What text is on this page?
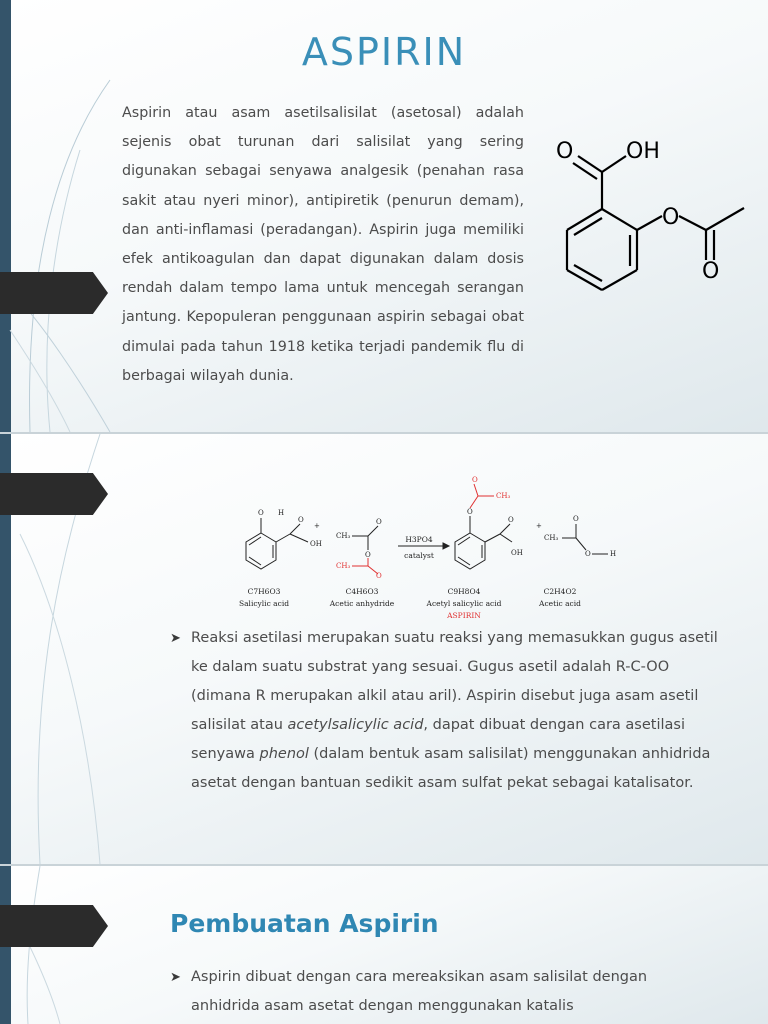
ASPIRIN

Aspirin atau asam asetilsalisilat (asetosal) adalah sejenis obat turunan dari salisilat yang sering digunakan sebagai senyawa analgesik (penahan rasa sakit atau nyeri minor), antipiretik (penurun demam), dan anti-inflamasi (peradangan). Aspirin juga memiliki efek antikoagulan dan dapat digunakan dalam dosis rendah dalam tempo lama untuk mencegah serangan jantung. Kepopuleran penggunaan aspirin sebagai obat dimulai pada tahun 1918 ketika terjadi pandemik flu di berbagai wilayah dunia.

O OH
O
O
O H
O
OH
CH₃
O
O
O
O
OH
+
+
CH₃
O
O	H
CH₃
O
O
CH₃
H3PO4
catalyst
C7H6O3
Salicylic acid
C4H6O3
Acetic anhydride
C9H8O4
Acetyl salicylic acid
ASPIRIN
C2H4O2
Acetic acid

➤ Reaksi asetilasi merupakan suatu reaksi yang memasukkan gugus asetil ke dalam suatu substrat yang sesuai. Gugus asetil adalah R-C-OO (dimana R merupakan alkil atau aril). Aspirin disebut juga asam asetil salisilat atau acetylsalicylic acid, dapat dibuat dengan cara asetilasi senyawa phenol (dalam bentuk asam salisilat) menggunakan anhidrida asetat dengan bantuan sedikit asam sulfat pekat sebagai katalisator.

Pembuatan Aspirin

➤ Aspirin dibuat dengan cara mereaksikan asam salisilat dengan anhidrida asam asetat dengan menggunakan katalis
